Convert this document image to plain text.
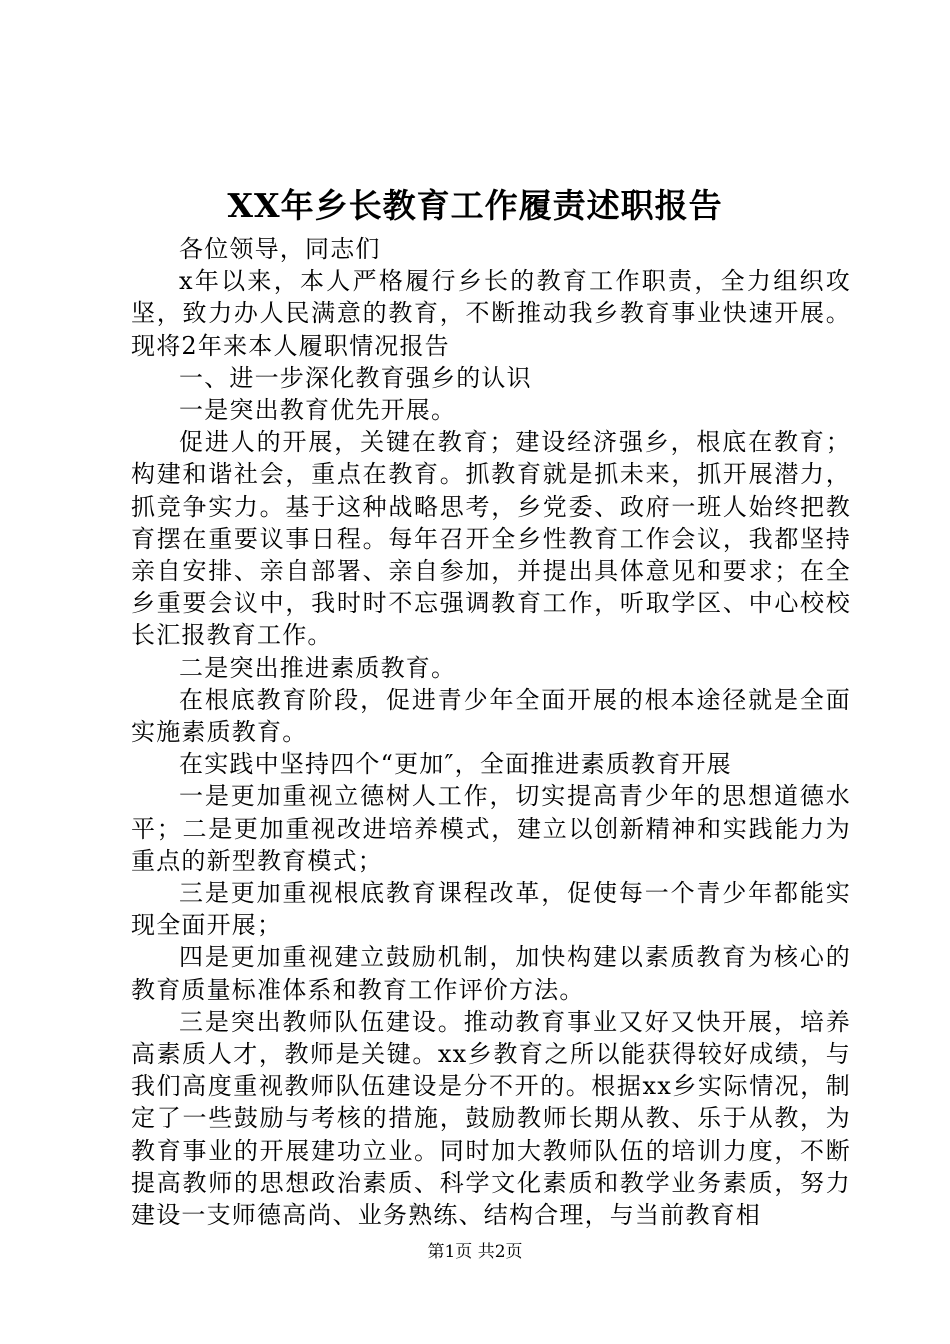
XX年乡长教育工作履责述职报告

各位领导，同志们

x年以来，本人严格履行乡长的教育工作职责，全力组织攻坚，致力办人民满意的教育，不断推动我乡教育事业快速开展。现将2年来本人履职情况报告

一、进一步深化教育强乡的认识

一是突出教育优先开展。

促进人的开展，关键在教育；建设经济强乡，根底在教育；构建和谐社会，重点在教育。抓教育就是抓未来，抓开展潜力，抓竞争实力。基于这种战略思考，乡党委、政府一班人始终把教育摆在重要议事日程。每年召开全乡性教育工作会议，我都坚持亲自安排、亲自部署、亲自参加，并提出具体意见和要求；在全乡重要会议中，我时时不忘强调教育工作，听取学区、中心校校长汇报教育工作。

二是突出推进素质教育。

在根底教育阶段，促进青少年全面开展的根本途径就是全面实施素质教育。

在实践中坚持四个“更加″，全面推进素质教育开展

一是更加重视立德树人工作，切实提高青少年的思想道德水平；二是更加重视改进培养模式，建立以创新精神和实践能力为重点的新型教育模式；

三是更加重视根底教育课程改革，促使每一个青少年都能实现全面开展；

四是更加重视建立鼓励机制，加快构建以素质教育为核心的教育质量标准体系和教育工作评价方法。

三是突出教师队伍建设。推动教育事业又好又快开展，培养高素质人才，教师是关键。xx乡教育之所以能获得较好成绩，与我们高度重视教师队伍建设是分不开的。根据xx乡实际情况，制定了一些鼓励与考核的措施，鼓励教师长期从教、乐于从教，为教育事业的开展建功立业。同时加大教师队伍的培训力度，不断提高教师的思想政治素质、科学文化素质和教学业务素质，努力建设一支师德高尚、业务熟练、结构合理，与当前教育相

第1页 共2页
